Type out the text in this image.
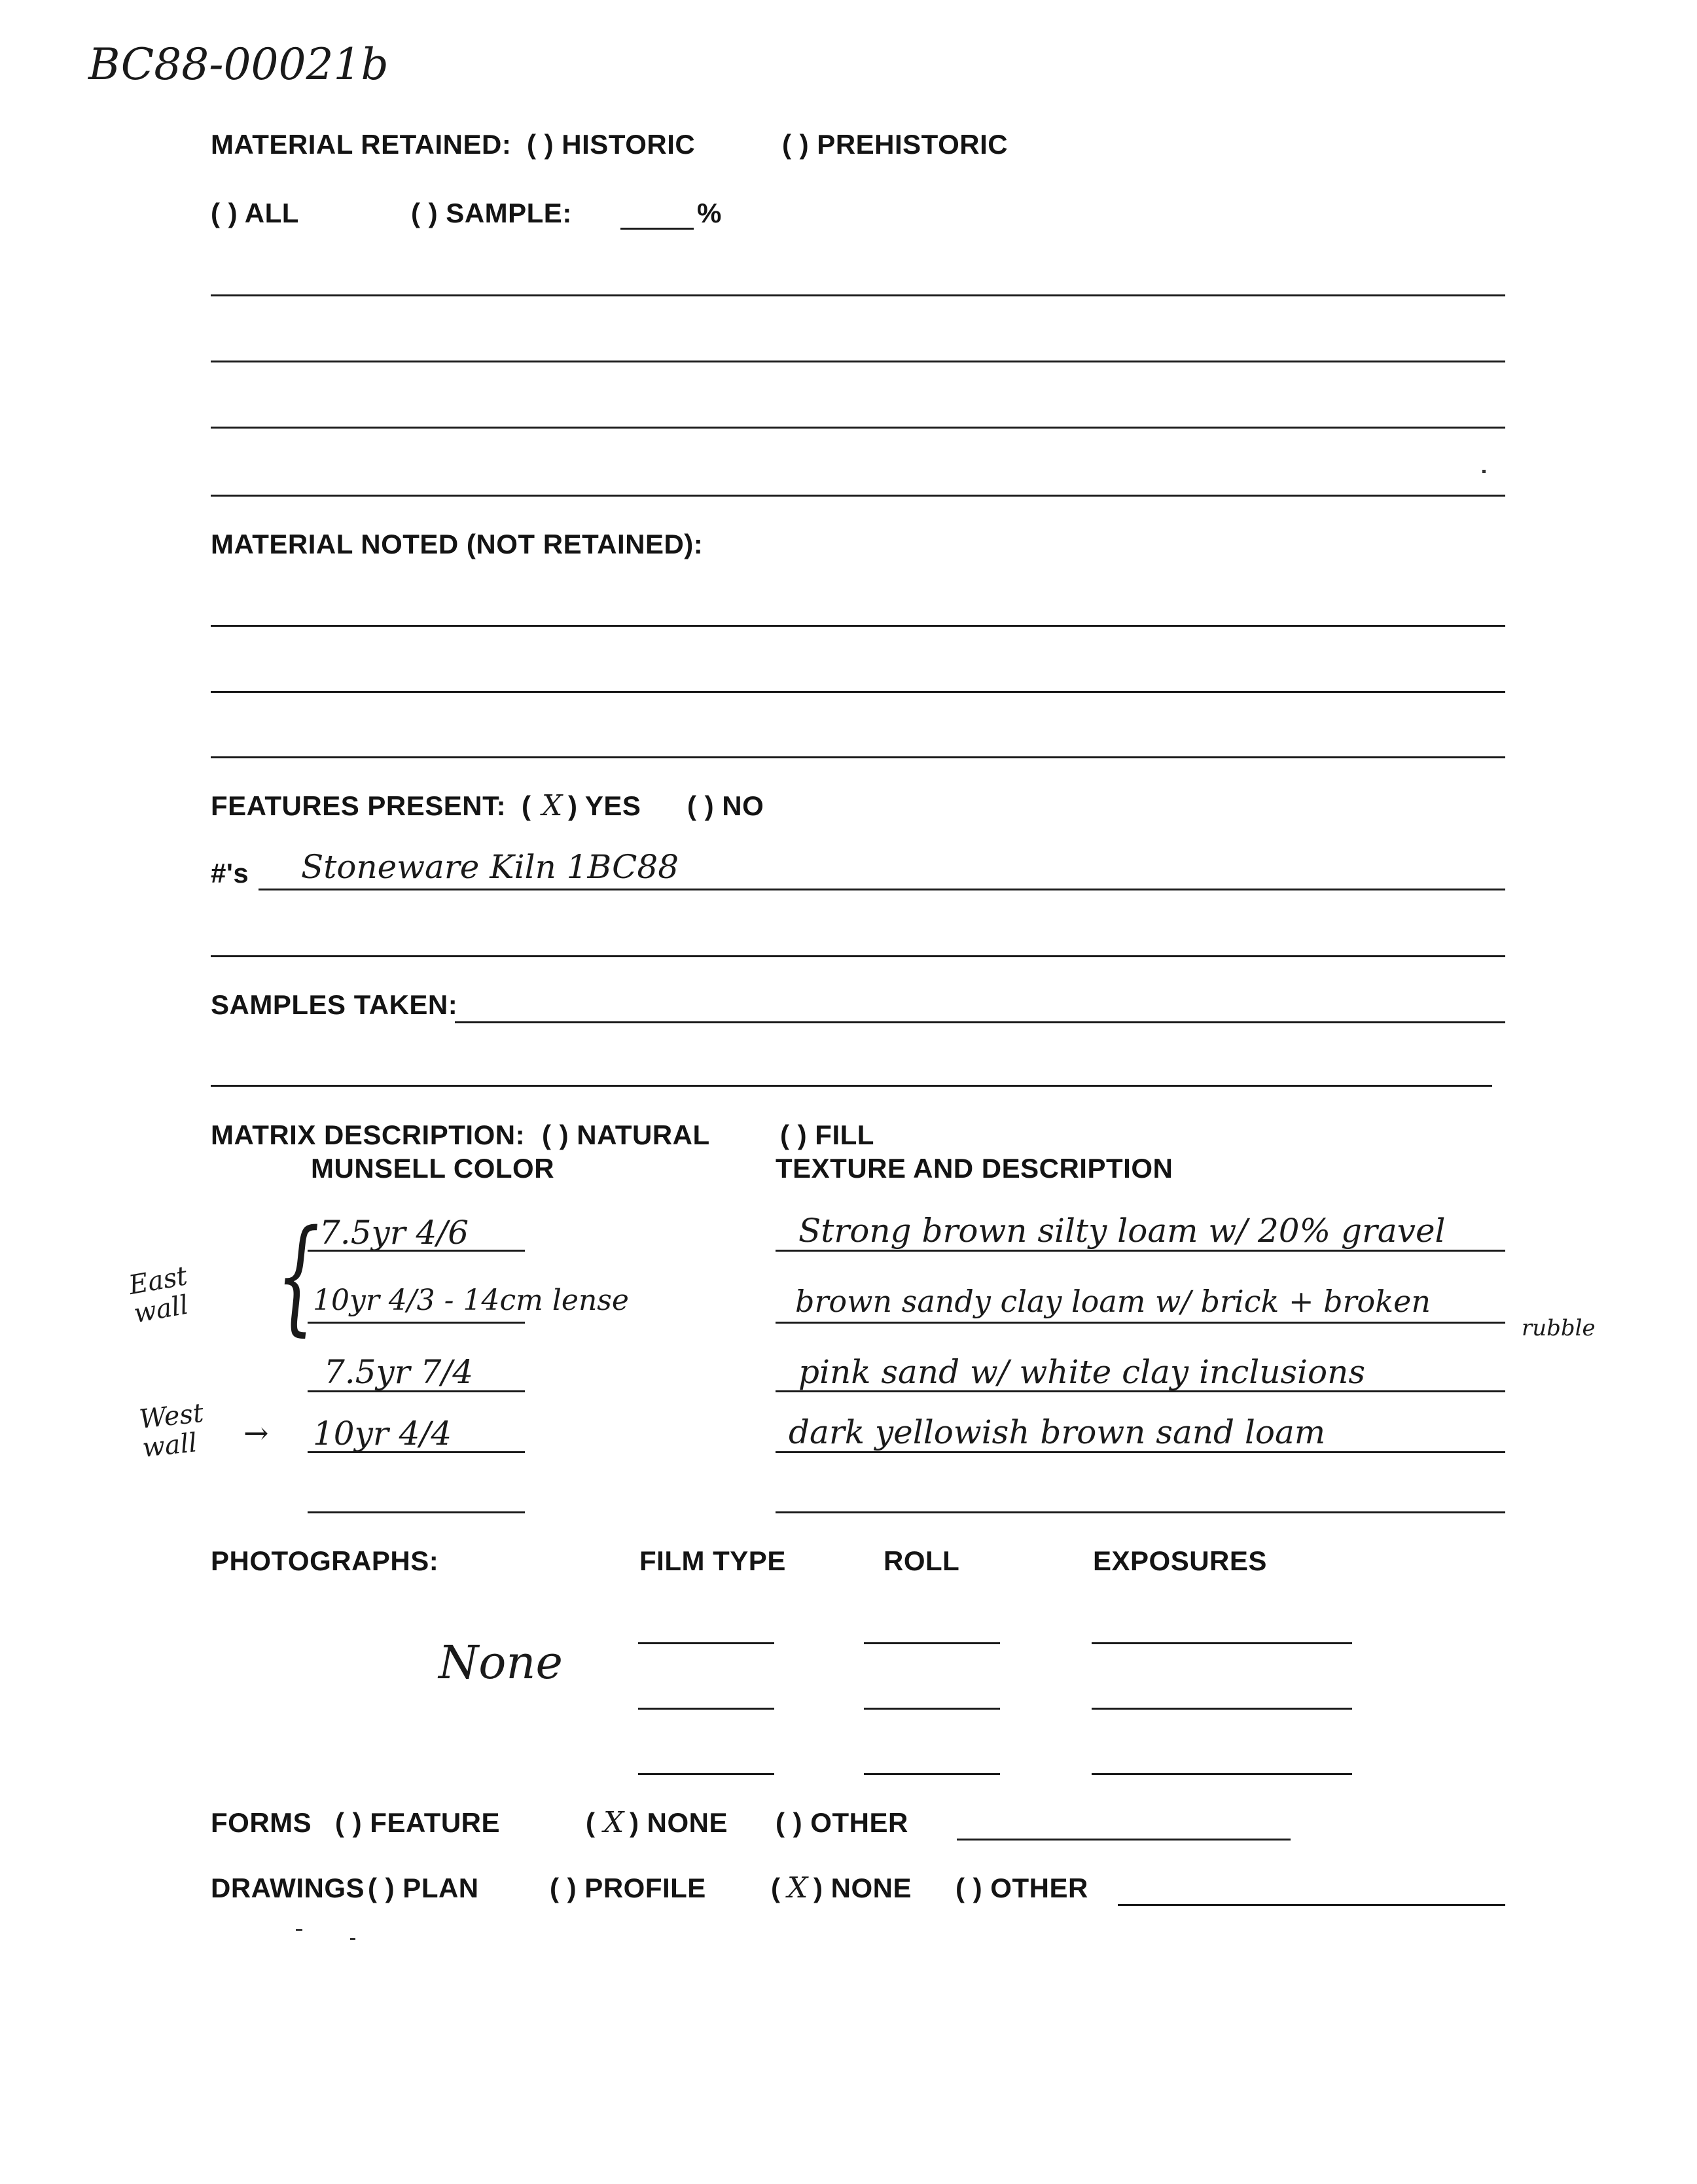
BC88-00021b
MATERIAL RETAINED: ( ) HISTORIC	( ) PREHISTORIC
( ) ALL	( ) SAMPLE:	%
MATERIAL NOTED (NOT RETAINED):
FEATURES PRESENT: ( X ) YES ( ) NO
#'s Stoneware Kiln 1BC88
SAMPLES TAKEN:
MATRIX DESCRIPTION: ( ) NATURAL	( ) FILL
MUNSELL COLOR	TEXTURE AND DESCRIPTION
East wall
West wall
{
→
7.5yr 4/6	Strong brown silty loam w/ 20% gravel
10yr 4/3 - 14cm lense	brown sandy clay loam w/ brick + broken
rubble
7.5yr 7/4	pink sand w/ white clay inclusions
10yr 4/4	dark yellowish brown sand loam
PHOTOGRAPHS:	FILM TYPE	ROLL	EXPOSURES
None
FORMS ( ) FEATURE	( X ) NONE ( ) OTHER
DRAWINGS ( ) PLAN	( ) PROFILE ( X ) NONE ( ) OTHER
